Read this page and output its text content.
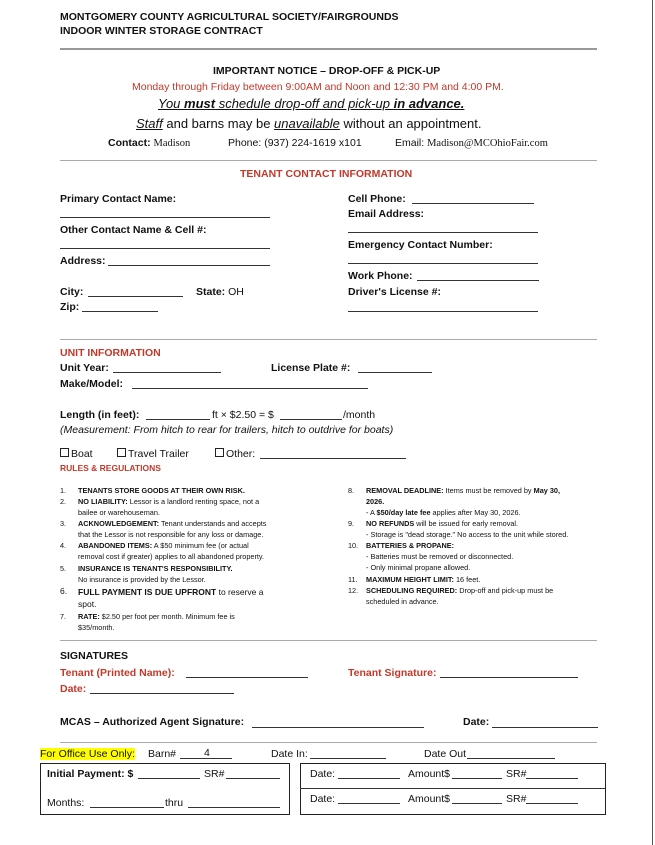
MONTGOMERY COUNTY AGRICULTURAL SOCIETY/FAIRGROUNDS
INDOOR WINTER STORAGE CONTRACT
IMPORTANT NOTICE – DROP-OFF & PICK-UP
Monday through Friday between 9:00AM and Noon and 12:30 PM and 4:00 PM.
You must schedule drop-off and pick-up in advance.
Staff and barns may be unavailable without an appointment.
Contact: Madison	Phone: (937) 224-1619 x101	Email: Madison@MCOhioFair.com
TENANT CONTACT INFORMATION
Primary Contact Name:
Other Contact Name & Cell #:
Address:
City:	State: OH
Zip:
Cell Phone:
Email Address:
Emergency Contact Number:
Work Phone:
Driver's License #:
UNIT INFORMATION
Unit Year:	License Plate #:
Make/Model:
Length (in feet):	ft × $2.50 = $	/month
(Measurement: From hitch to rear for trailers, hitch to outdrive for boats)
Boat	Travel Trailer	Other:
RULES & REGULATIONS
1. TENANTS STORE GOODS AT THEIR OWN RISK.
2. NO LIABILITY: Lessor is a landlord renting space, not a
bailee or warehouseman.
3. ACKNOWLEDGEMENT: Tenant understands and accepts
that the Lessor is not responsible for any loss or damage.
4. ABANDONED ITEMS: A $50 minimum fee (or actual
removal cost if greater) applies to all abandoned property.
5. INSURANCE IS TENANT'S RESPONSIBILITY.
No insurance is provided by the Lessor.
6. FULL PAYMENT IS DUE UPFRONT to reserve a
spot.
7. RATE: $2.50 per foot per month. Minimum fee is
$35/month.
8. REMOVAL DEADLINE: Items must be removed by May 30,
2026.
- A $50/day late fee applies after May 30, 2026.
9. NO REFUNDS will be issued for early removal.
- Storage is "dead storage." No access to the unit while stored.
10. BATTERIES & PROPANE:
- Batteries must be removed or disconnected.
- Only minimal propane allowed.
11. MAXIMUM HEIGHT LIMIT: 16 feet.
12. SCHEDULING REQUIRED: Drop-off and pick-up must be
scheduled in advance.
SIGNATURES
Tenant (Printed Name):	Tenant Signature:
Date:
MCAS – Authorized Agent Signature:	Date:
For Office Use Only: Barn#	4	Date In:	Date Out
Initial Payment: $	SR#
Months:	thru
Date:	Amount$	SR#
Date:	Amount$	SR#
